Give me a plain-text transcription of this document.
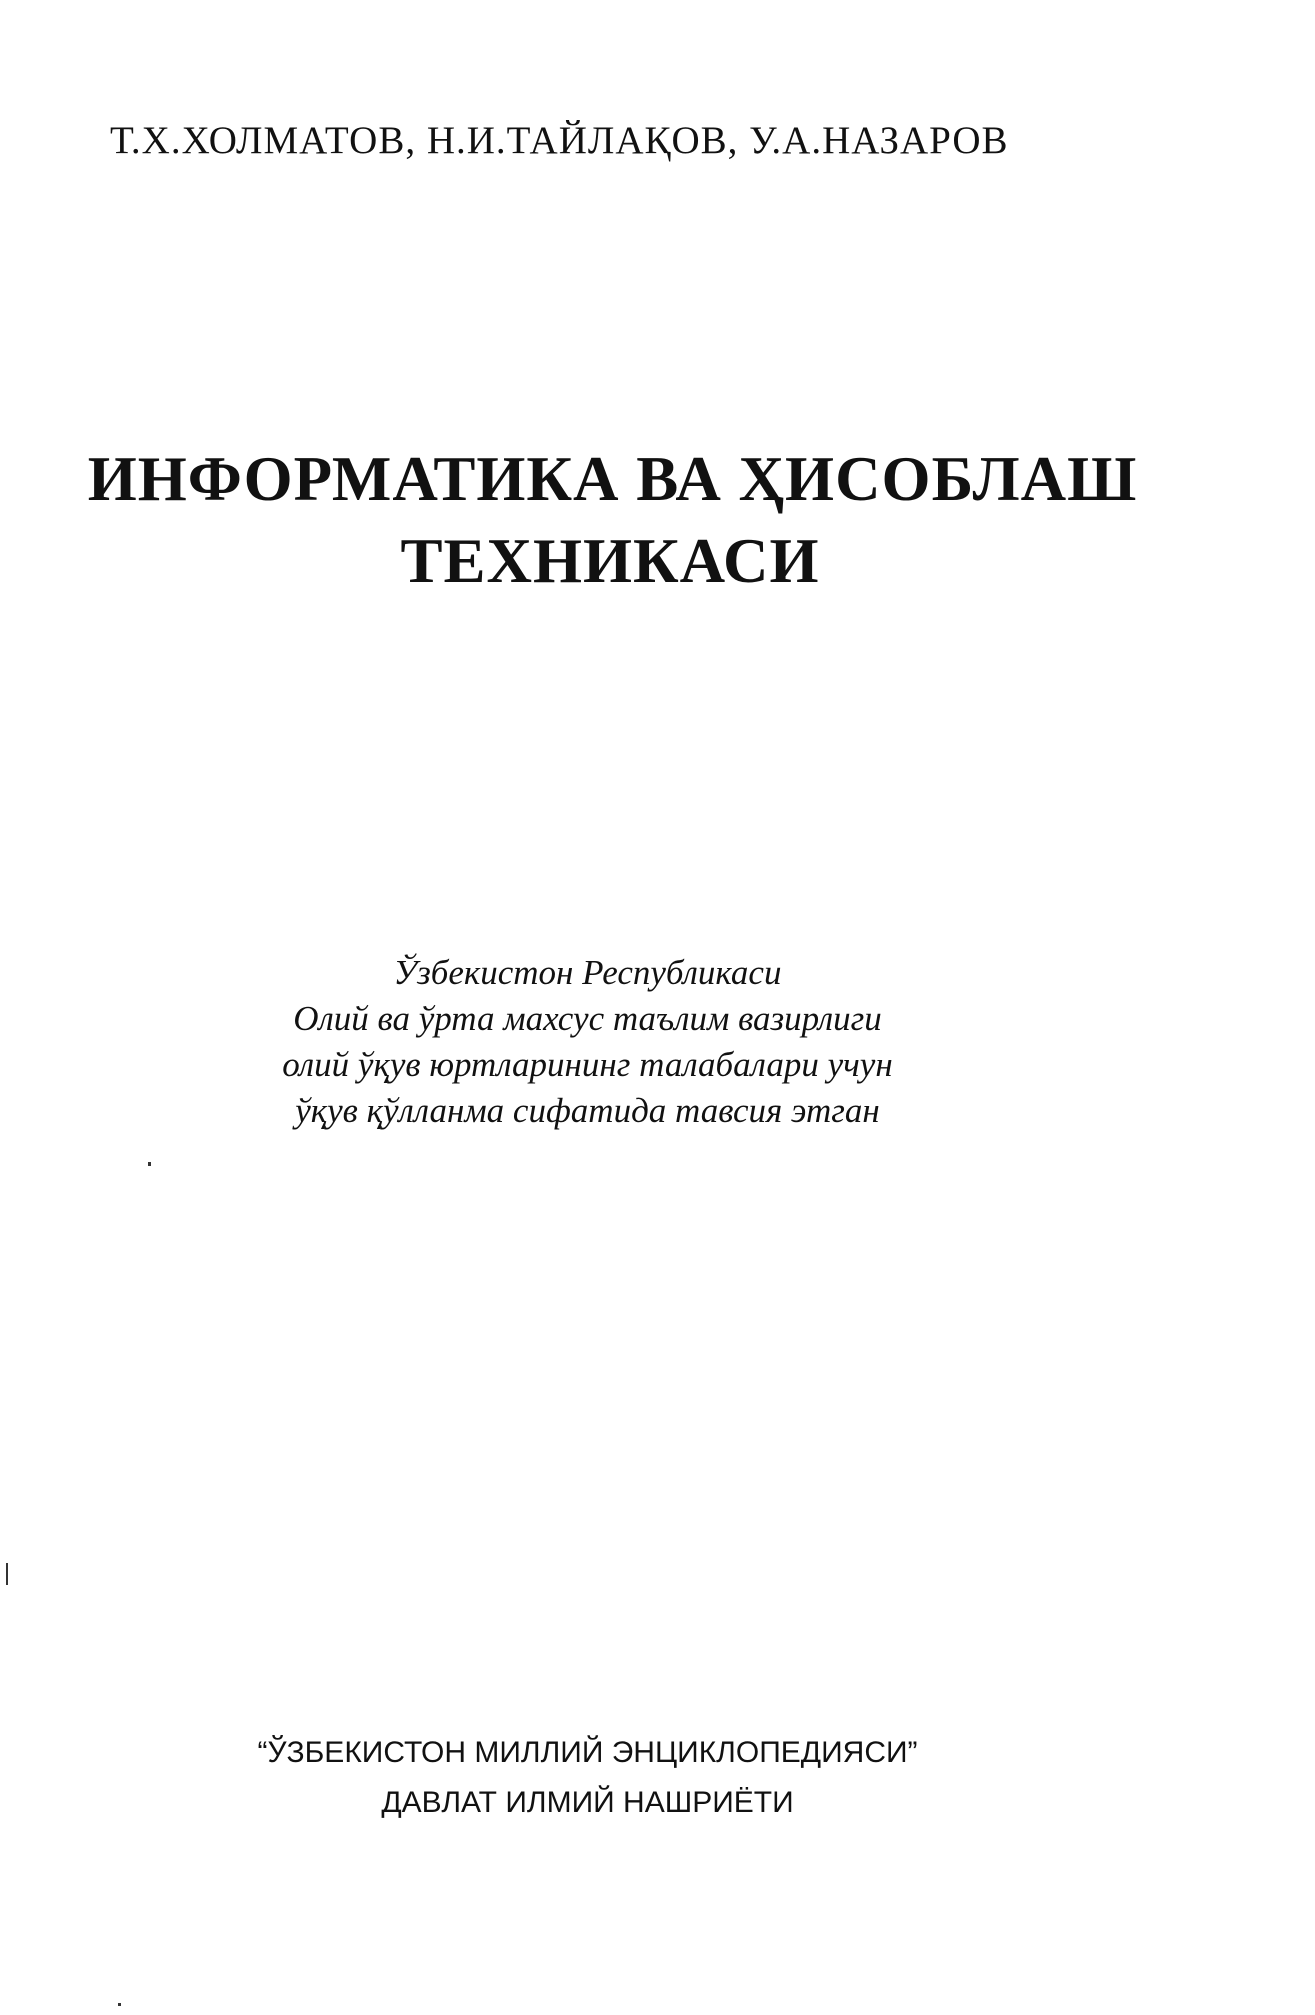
Т.Х.ХОЛМАТОВ, Н.И.ТАЙЛАҚОВ, У.А.НАЗАРОВ
ИНФОРМАТИКА ВА ҲИСОБЛАШ
ТЕХНИКАСИ
Ўзбекистон Республикаси
Олий ва ўрта махсус таълим вазирлиги
олий ўқув юртларининг талабалари учун
ўқув қўлланма сифатида тавсия этган
“ЎЗБЕКИСТОН МИЛЛИЙ ЭНЦИКЛОПЕДИЯСИ”
ДАВЛАТ ИЛМИЙ НАШРИЁТИ
